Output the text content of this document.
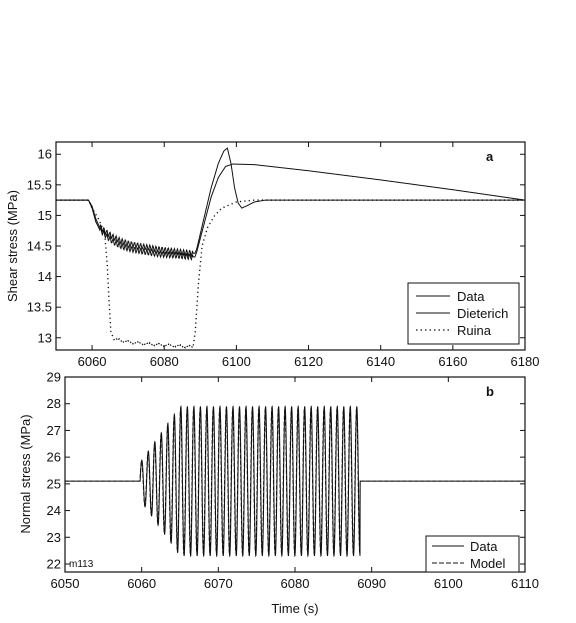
6060	6080	6100	6120	6140	6160	6180
13
13.5
14
14.5
15
15.5
16
Shear stress (MPa)
a
Data
Dieterich
Ruina
6050	6060	6070	6080	6090	6100	6110
22
23
24
25
26
27
28
29
Normal stress (MPa)
b
m113
Time (s)
Data
Model
